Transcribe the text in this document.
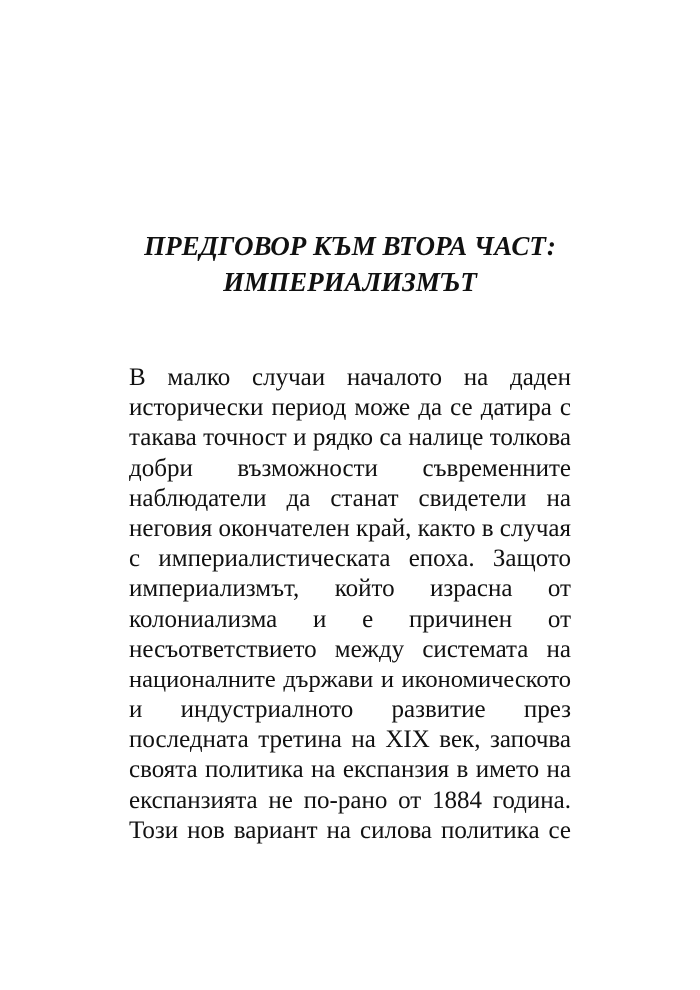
ПРЕДГОВОР КЪМ ВТОРА ЧАСТ:
ИМПЕРИАЛИЗМЪТ
В малко случаи началото на даден
исторически период може да се датира с
такава точност и рядко са налице толкова
добри възможности съвременните
наблюдатели да станат свидетели на
неговия окончателен край, както в случая
с империалистическата епоха. Защото
империализмът, който израсна от
колониализма и е причинен от
несъответствието между системата на
националните държави и икономическото
и индустриалното развитие през
последната третина на XIX век, започва
своята политика на експанзия в името на
експанзията не по-рано от 1884 година.
Този нов вариант на силова политика се
